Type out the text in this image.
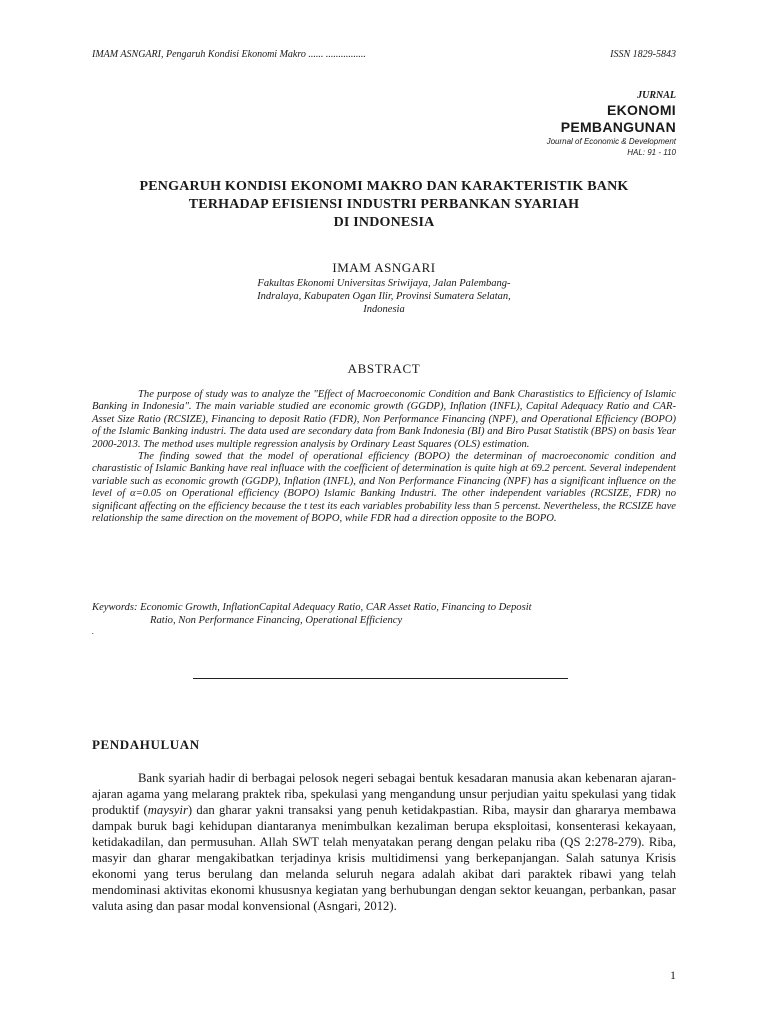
IMAM ASNGARI, Pengaruh Kondisi Ekonomi Makro ...... ................	ISSN 1829-5843
JURNAL
EKONOMI
PEMBANGUNAN
Journal of Economic & Development
HAL: 91 - 110
PENGARUH KONDISI EKONOMI MAKRO DAN KARAKTERISTIK BANK
TERHADAP EFISIENSI INDUSTRI PERBANKAN SYARIAH
DI INDONESIA
IMAM ASNGARI
Fakultas Ekonomi Universitas Sriwijaya, Jalan Palembang-
Indralaya, Kabupaten Ogan Ilir, Provinsi Sumatera Selatan,
Indonesia
ABSTRACT

The purpose of study was to analyze the "Effect of Macroeconomic Condition and Bank Charastistics to Efficiency of Islamic Banking in Indonesia". The main variable studied are economic growth (GGDP), Inflation (INFL), Capital Adequacy Ratio and CAR-Asset Size Ratio (RCSIZE), Financing to deposit Ratio (FDR), Non Performance Financing (NPF), and Operational Efficiency (BOPO) of the Islamic Banking industri. The data used are secondary data from Bank Indonesia (BI) and Biro Pusat Statistik (BPS) on basis Year 2000-2013. The method uses multiple regression analysis by Ordinary Least Squares (OLS) estimation.

The finding sowed that the model of operational efficiency (BOPO) the determinan of macroeconomic condition and charastistic of Islamic Banking have real influace with the coefficient of determination is quite high at 69.2 percent. Several independent variable such as economic growth (GGDP), Inflation (INFL), and Non Performance Financing (NPF) has a significant influence on the level of α=0.05 on Operational efficiency (BOPO) Islamic Banking Industri. The other independent variables (RCSIZE, FDR) no significant affecting on the efficiency because the t test its each variables probability less than 5 percenst. Nevertheless, the RCSIZE have relationship the same direction on the movement of BOPO, while FDR had a direction opposite to the BOPO.

Keywords: Economic Growth, InflationCapital Adequacy Ratio, CAR Asset Ratio, Financing to Deposit
Ratio, Non Performance Financing, Operational Efficiency
.
PENDAHULUAN

Bank syariah hadir di berbagai pelosok negeri sebagai bentuk kesadaran manusia akan kebenaran ajaran-ajaran agama yang melarang praktek riba, spekulasi yang mengandung unsur perjudian yaitu spekulasi yang tidak produktif (maysyir) dan gharar yakni transaksi yang penuh ketidakpastian. Riba, maysir dan ghararya membawa dampak buruk bagi kehidupan diantaranya menimbulkan kezaliman berupa eksploitasi, konsenterasi kekayaan, ketidakadilan, dan permusuhan. Allah SWT telah menyatakan perang dengan pelaku riba (QS 2:278-279). Riba, masyir dan gharar mengakibatkan terjadinya krisis multidimensi yang berkepanjangan. Salah satunya Krisis ekonomi yang terus berulang dan melanda seluruh negara adalah akibat dari paraktek ribawi yang telah mendominasi aktivitas ekonomi khususnya kegiatan yang berhubungan dengan sektor keuangan, perbankan, pasar valuta asing dan pasar modal konvensional (Asngari, 2012).

1
